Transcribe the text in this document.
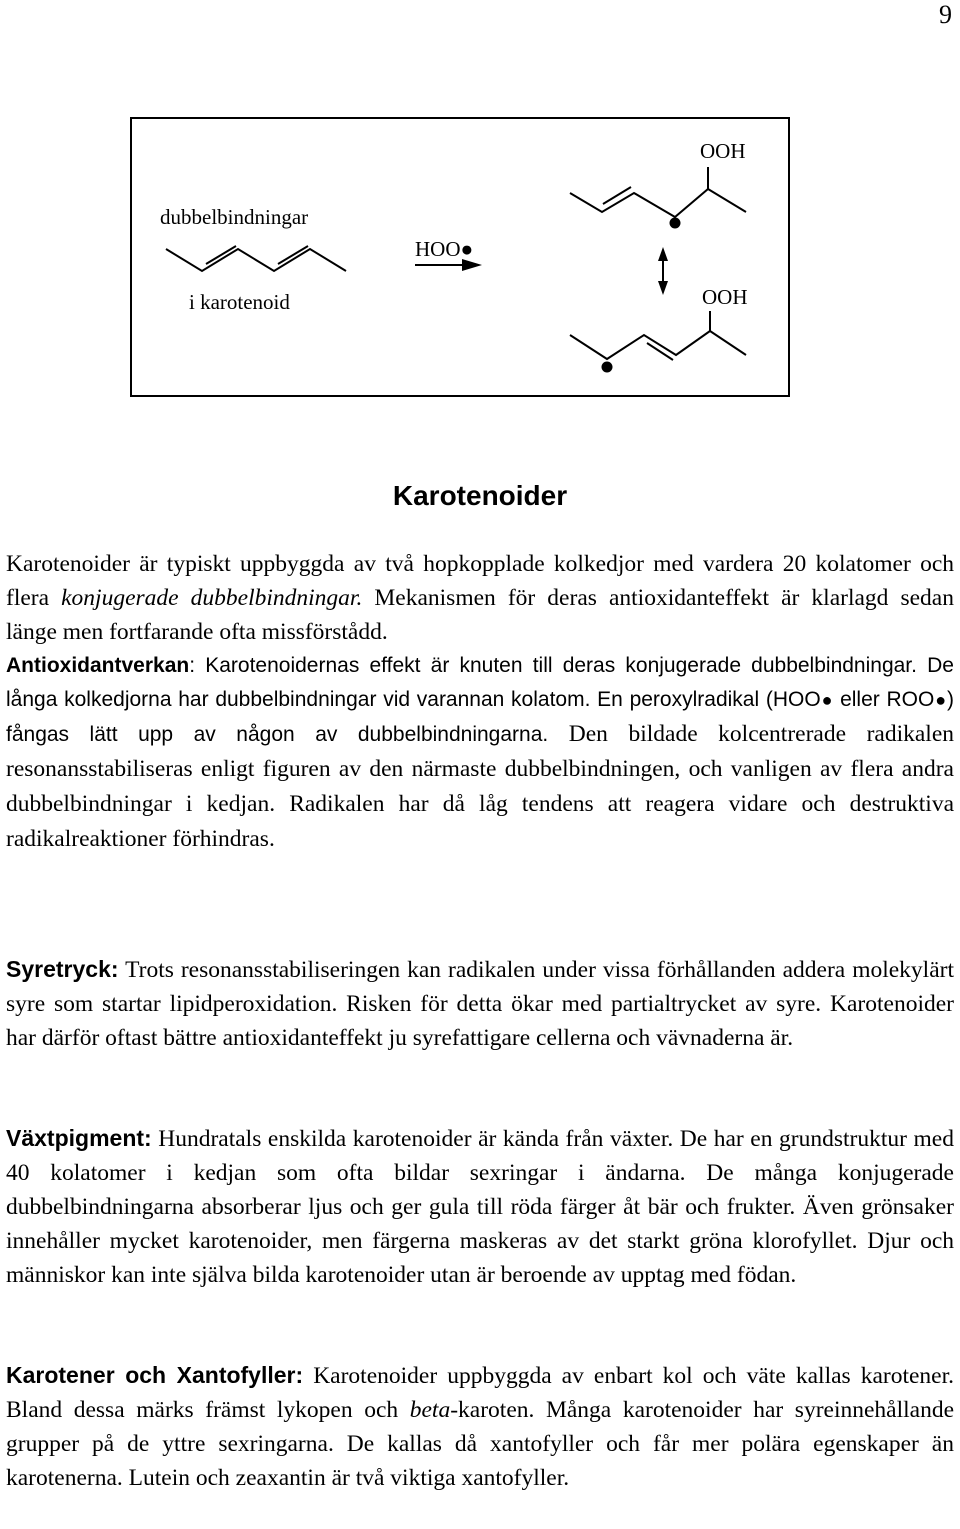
9
dubbelbindningar
i karotenoid
HOO●
OOH
OOH
Karotenoider

Karotenoider är typiskt uppbyggda av två hopkopplade kolkedjor med vardera 20 kolatomer och flera konjugerade dubbelbindningar. Mekanismen för deras antioxidanteffekt är klarlagd sedan länge men fortfarande ofta missförstådd.

Antioxidantverkan: Karotenoidernas effekt är knuten till deras konjugerade dubbelbindningar. De långa kolkedjorna har dubbelbindningar vid varannan kolatom. En peroxylradikal (HOO● eller ROO●) fångas lätt upp av någon av dubbelbindningarna. Den bildade kolcentrerade radikalen resonansstabiliseras enligt figuren av den närmaste dubbelbindningen, och vanligen av flera andra dubbelbindningar i kedjan. Radikalen har då låg tendens att reagera vidare och destruktiva radikalreaktioner förhindras.

Syretryck: Trots resonansstabiliseringen kan radikalen under vissa förhållanden addera molekylärt syre som startar lipidperoxidation. Risken för detta ökar med partialtrycket av syre. Karotenoider har därför oftast bättre antioxidanteffekt ju syrefattigare cellerna och vävnaderna är.

Växtpigment: Hundratals enskilda karotenoider är kända från växter. De har en grundstruktur med 40 kolatomer i kedjan som ofta bildar sexringar i ändarna. De många konjugerade dubbelbindningarna absorberar ljus och ger gula till röda färger åt bär och frukter. Även grönsaker innehåller mycket karotenoider, men färgerna maskeras av det starkt gröna klorofyllet. Djur och människor kan inte själva bilda karotenoider utan är beroende av upptag med födan.

Karotener och Xantofyller: Karotenoider uppbyggda av enbart kol och väte kallas karotener. Bland dessa märks främst lykopen och beta-karoten. Många karotenoider har syreinnehållande grupper på de yttre sexringarna. De kallas då xantofyller och får mer polära egenskaper än karotenerna. Lutein och zeaxantin är två viktiga xantofyller.
